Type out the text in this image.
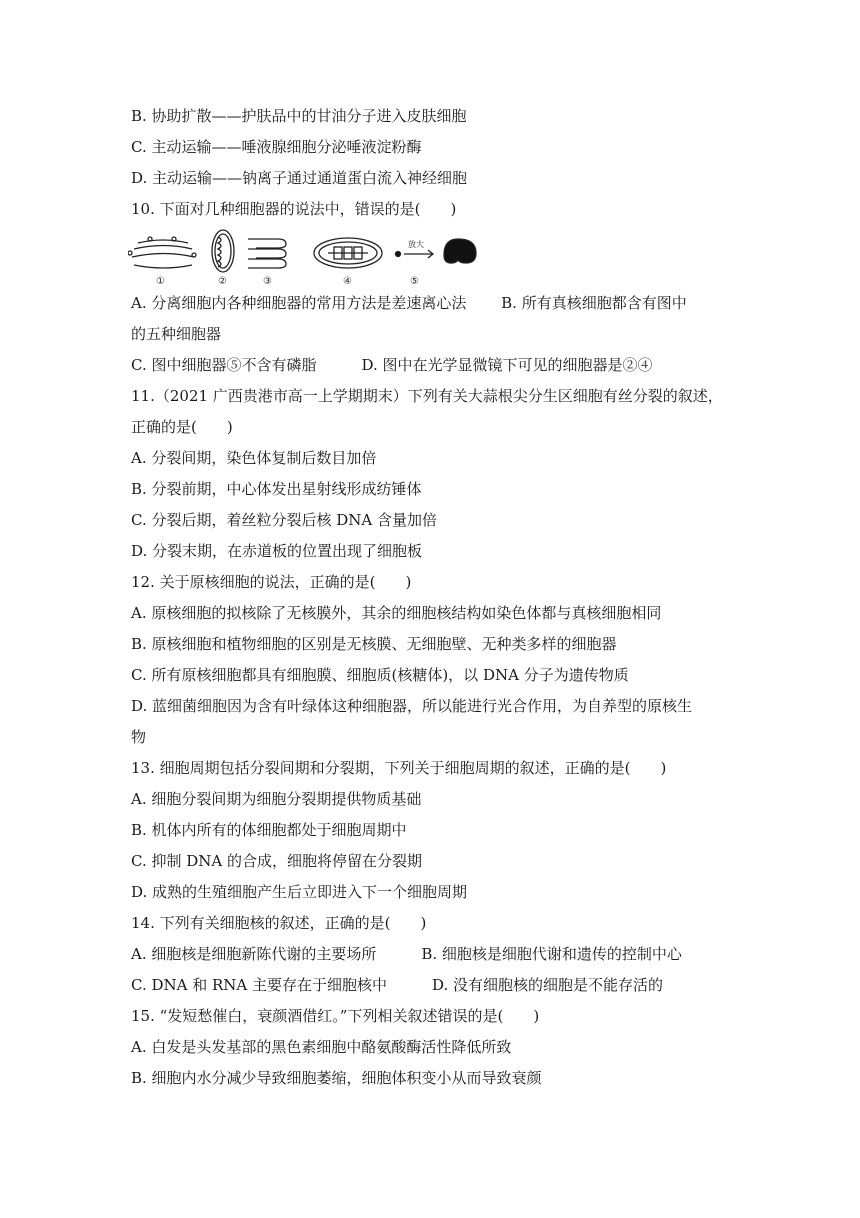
B. 协助扩散——护肤品中的甘油分子进入皮肤细胞
C. 主动运输——唾液腺细胞分泌唾液淀粉酶
D. 主动运输——钠离子通过通道蛋白流入神经细胞
10. 下面对几种细胞器的说法中，错误的是(　　)
放大
①	②	③	④	⑤
A. 分离细胞内各种细胞器的常用方法是差速离心法　　 B. 所有真核细胞都含有图中
的五种细胞器
C. 图中细胞器⑤不含有磷脂　　　D. 图中在光学显微镜下可见的细胞器是②④
11.（2021 广西贵港市高一上学期期末）下列有关大蒜根尖分生区细胞有丝分裂的叙述，
正确的是(　　)
A. 分裂间期，染色体复制后数目加倍
B. 分裂前期，中心体发出星射线形成纺锤体
C. 分裂后期，着丝粒分裂后核 DNA 含量加倍
D. 分裂末期，在赤道板的位置出现了细胞板
12. 关于原核细胞的说法，正确的是(　　)
A. 原核细胞的拟核除了无核膜外，其余的细胞核结构如染色体都与真核细胞相同
B. 原核细胞和植物细胞的区别是无核膜、无细胞壁、无种类多样的细胞器
C. 所有原核细胞都具有细胞膜、细胞质(核糖体)，以 DNA 分子为遗传物质
D. 蓝细菌细胞因为含有叶绿体这种细胞器，所以能进行光合作用，为自养型的原核生
物
13. 细胞周期包括分裂间期和分裂期，下列关于细胞周期的叙述，正确的是(　　)
A. 细胞分裂间期为细胞分裂期提供物质基础
B. 机体内所有的体细胞都处于细胞周期中
C. 抑制 DNA 的合成，细胞将停留在分裂期
D. 成熟的生殖细胞产生后立即进入下一个细胞周期
14. 下列有关细胞核的叙述，正确的是(　　)
A. 细胞核是细胞新陈代谢的主要场所　　　B. 细胞核是细胞代谢和遗传的控制中心
C. DNA 和 RNA 主要存在于细胞核中　　　D. 没有细胞核的细胞是不能存活的
15. “发短愁催白，衰颜酒借红。”下列相关叙述错误的是(　　)
A. 白发是头发基部的黑色素细胞中酪氨酸酶活性降低所致
B. 细胞内水分减少导致细胞萎缩，细胞体积变小从而导致衰颜
